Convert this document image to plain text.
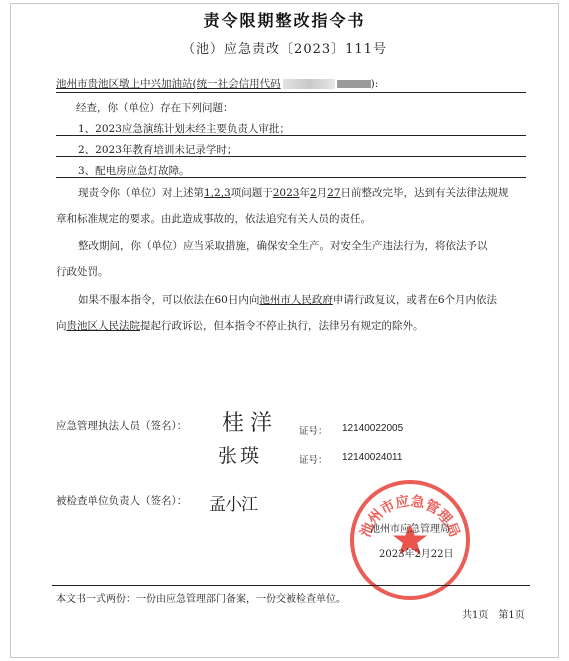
责令限期整改指令书
（池）应急责改〔2023〕111号
池州市贵池区墩上中兴加油站(统一社会信用代码	):
经查，你（单位）存在下列问题：
1、2023应急演练计划未经主要负责人审批；
2、2023年教育培训未记录学时；
3、配电房应急灯故障。
现责令你（单位）对上述第1,2,3项问题于2023年2月27日前整改完毕，达到有关法律法规规
章和标准规定的要求。由此造成事故的，依法追究有关人员的责任。
整改期间，你（单位）应当采取措施，确保安全生产。对安全生产违法行为，将依法予以
行政处罚。
如果不服本指令，可以依法在60日内向池州市人民政府申请行政复议，或者在6个月内依法
向贵池区人民法院提起行政诉讼，但本指令不停止执行，法律另有规定的除外。
应急管理执法人员（签名）： 桂洋 证号： 12140022005
张瑛	证号： 12140024011
被检查单位负责人（签名）： 孟小江
池州市应急管理局
池州市应急管理局
2023年2月22日
本文书一式两份：一份由应急管理部门备案，一份交被检查单位。
共1页　第1页
